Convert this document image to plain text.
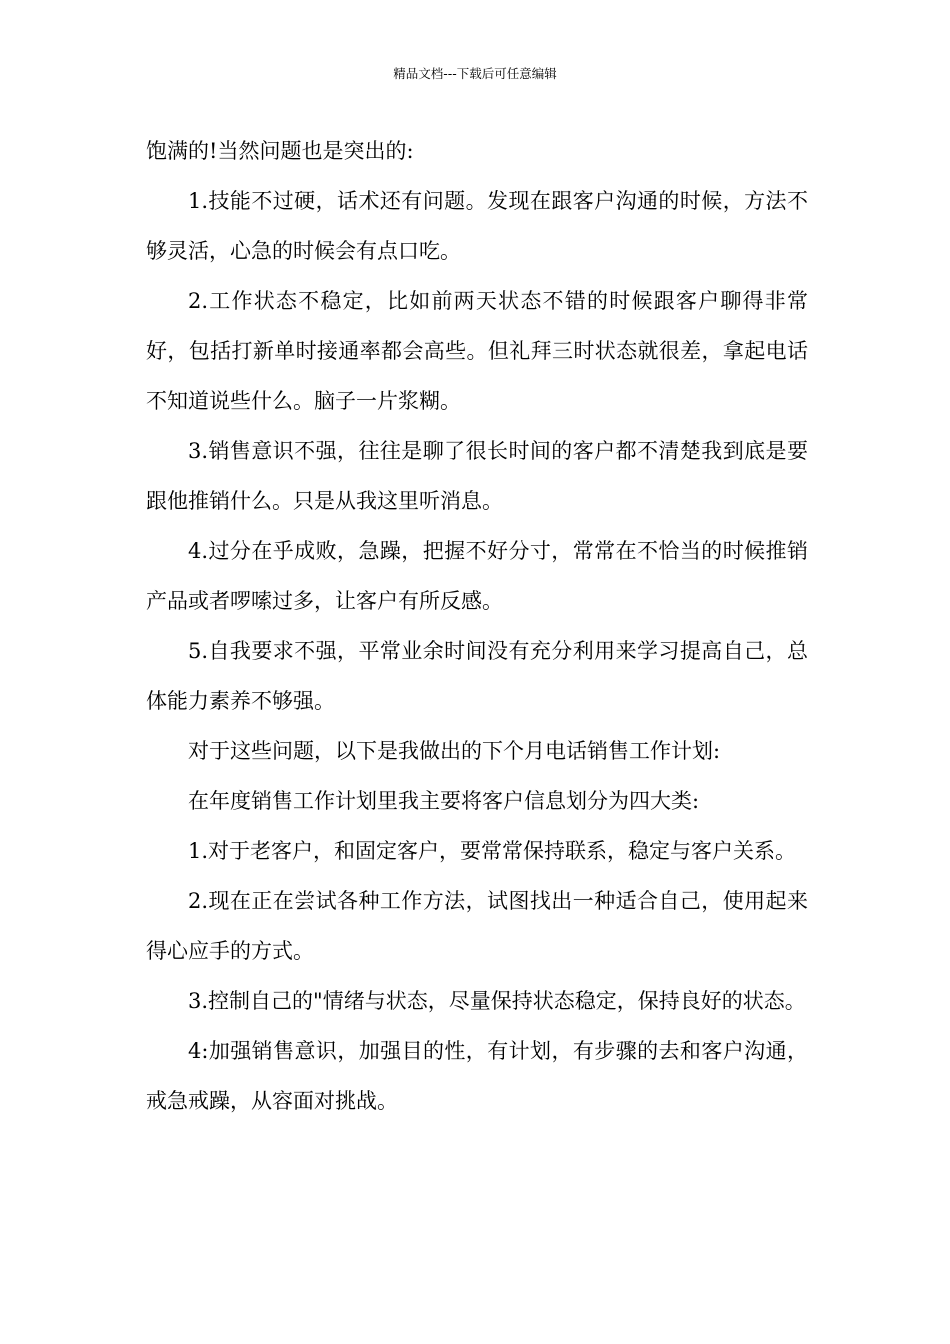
精品文档---下载后可任意编辑

饱满的!当然问题也是突出的:

1.技能不过硬，话术还有问题。发现在跟客户沟通的时候，方法不够灵活，心急的时候会有点口吃。

2.工作状态不稳定，比如前两天状态不错的时候跟客户聊得非常好，包括打新单时接通率都会高些。但礼拜三时状态就很差，拿起电话不知道说些什么。脑子一片浆糊。

3.销售意识不强，往往是聊了很长时间的客户都不清楚我到底是要跟他推销什么。只是从我这里听消息。

4.过分在乎成败，急躁，把握不好分寸，常常在不恰当的时候推销产品或者啰嗦过多，让客户有所反感。

5.自我要求不强，平常业余时间没有充分利用来学习提高自己，总体能力素养不够强。

对于这些问题，以下是我做出的下个月电话销售工作计划:

在年度销售工作计划里我主要将客户信息划分为四大类:

1.对于老客户，和固定客户，要常常保持联系，稳定与客户关系。

2.现在正在尝试各种工作方法，试图找出一种适合自己，使用起来得心应手的方式。

3.控制自己的"情绪与状态，尽量保持状态稳定，保持良好的状态。

4:加强销售意识，加强目的性，有计划，有步骤的去和客户沟通，戒急戒躁，从容面对挑战。
